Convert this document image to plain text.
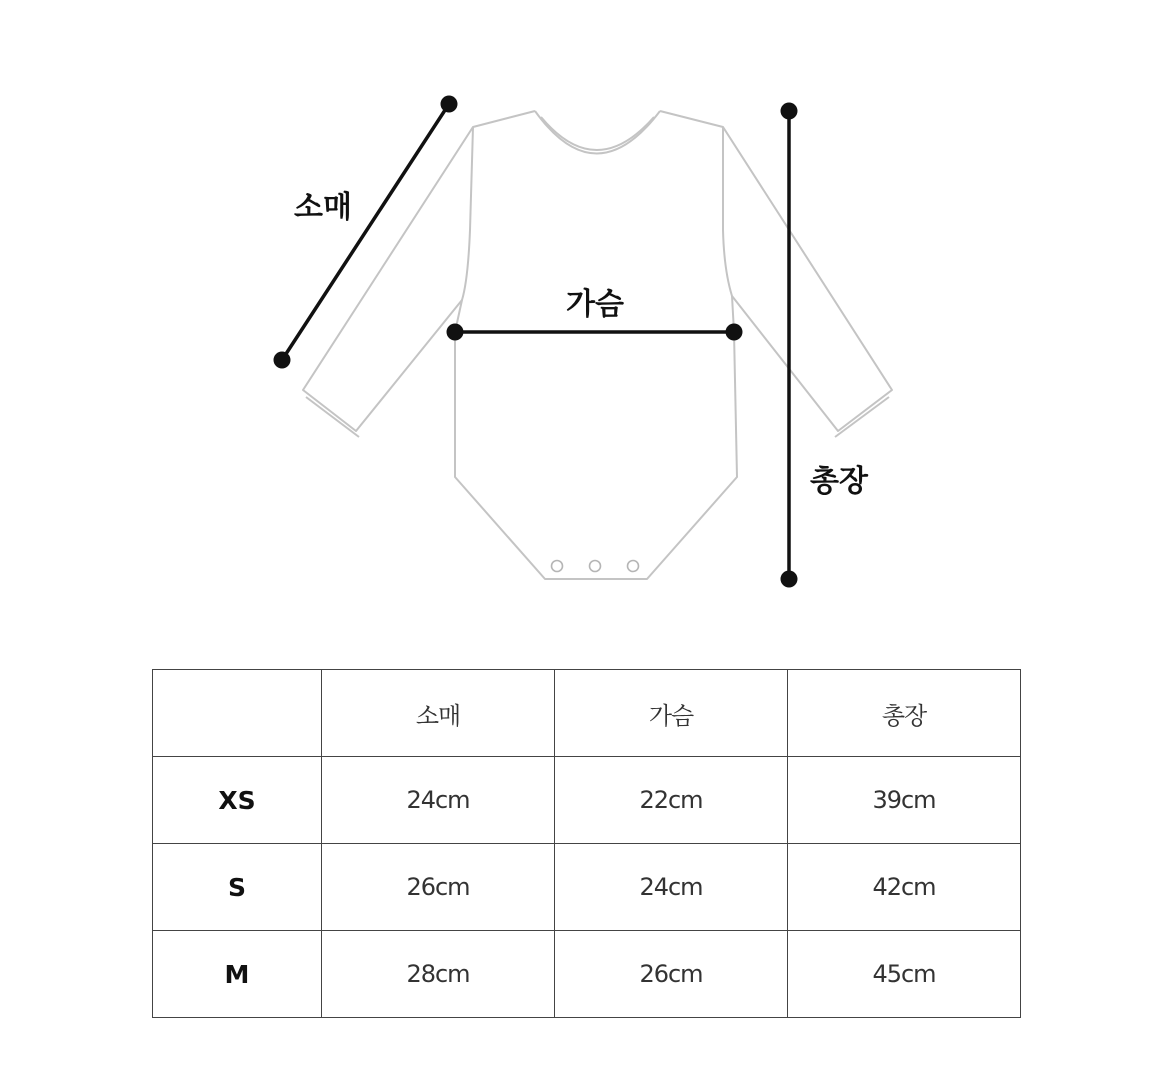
소매
가슴
총장
	소매	가슴	총장
XS	24cm	22cm	39cm
S	26cm	24cm	42cm
M	28cm	26cm	45cm
